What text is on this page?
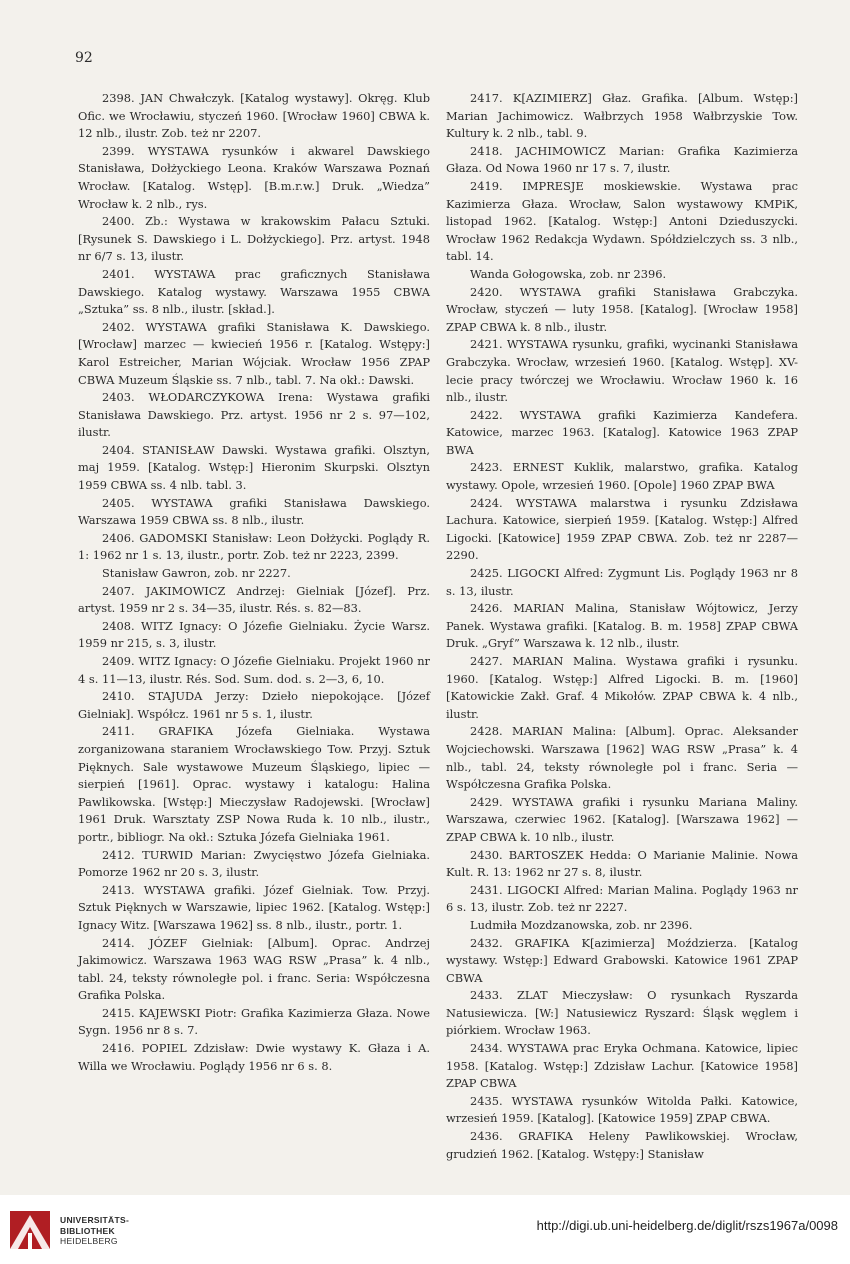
92

2398. JAN Chwałczyk. [Katalog wystawy]. Okręg. Klub Ofic. we Wrocławiu, styczeń 1960. [Wrocław 1960] CBWA k. 12 nlb., ilustr. Zob. też nr 2207.

2399. WYSTAWA rysunków i akwarel Dawskiego Stanisława, Dołżyckiego Leona. Kraków Warszawa Poznań Wrocław. [Katalog. Wstęp]. [B.m.r.w.] Druk. „Wiedza” Wrocław k. 2 nlb., rys.

2400. Zb.: Wystawa w krakowskim Pałacu Sztuki. [Rysunek S. Dawskiego i L. Dołżyckiego]. Prz. artyst. 1948 nr 6/7 s. 13, ilustr.

2401. WYSTAWA prac graficznych Stanisława Dawskiego. Katalog wystawy. Warszawa 1955 CBWA „Sztuka” ss. 8 nlb., ilustr. [skład.].

2402. WYSTAWA grafiki Stanisława K. Dawskiego. [Wrocław] marzec — kwiecień 1956 r. [Katalog. Wstępy:] Karol Estreicher, Marian Wójciak. Wrocław 1956 ZPAP CBWA Muzeum Śląskie ss. 7 nlb., tabl. 7. Na okł.: Dawski.

2403. WŁODARCZYKOWA Irena: Wystawa grafiki Stanisława Dawskiego. Prz. artyst. 1956 nr 2 s. 97—102, ilustr.

2404. STANISŁAW Dawski. Wystawa grafiki. Olsztyn, maj 1959. [Katalog. Wstęp:] Hieronim Skurpski. Olsztyn 1959 CBWA ss. 4 nlb. tabl. 3.

2405. WYSTAWA grafiki Stanisława Dawskiego. Warszawa 1959 CBWA ss. 8 nlb., ilustr.

2406. GADOMSKI Stanisław: Leon Dołżycki. Poglądy R. 1: 1962 nr 1 s. 13, ilustr., portr. Zob. też nr 2223, 2399.

Stanisław Gawron, zob. nr 2227.

2407. JAKIMOWICZ Andrzej: Gielniak [Józef]. Prz. artyst. 1959 nr 2 s. 34—35, ilustr. Rés. s. 82—83.

2408. WITZ Ignacy: O Józefie Gielniaku. Życie Warsz. 1959 nr 215, s. 3, ilustr.

2409. WITZ Ignacy: O Józefie Gielniaku. Projekt 1960 nr 4 s. 11—13, ilustr. Rés. Sod. Sum. dod. s. 2—3, 6, 10.

2410. STAJUDA Jerzy: Dzieło niepokojące. [Józef Gielniak]. Współcz. 1961 nr 5 s. 1, ilustr.

2411. GRAFIKA Józefa Gielniaka. Wystawa zorganizowana staraniem Wrocławskiego Tow. Przyj. Sztuk Pięknych. Sale wystawowe Muzeum Śląskiego, lipiec — sierpień [1961]. Oprac. wystawy i katalogu: Halina Pawlikowska. [Wstęp:] Mieczysław Radojewski. [Wrocław] 1961 Druk. Warsztaty ZSP Nowa Ruda k. 10 nlb., ilustr., portr., bibliogr. Na okł.: Sztuka Józefa Gielniaka 1961.

2412. TURWID Marian: Zwycięstwo Józefa Gielniaka. Pomorze 1962 nr 20 s. 3, ilustr.

2413. WYSTAWA grafiki. Józef Gielniak. Tow. Przyj. Sztuk Pięknych w Warszawie, lipiec 1962. [Katalog. Wstęp:] Ignacy Witz. [Warszawa 1962] ss. 8 nlb., ilustr., portr. 1.

2414. JÓZEF Gielniak: [Album]. Oprac. Andrzej Jakimowicz. Warszawa 1963 WAG RSW „Prasa” k. 4 nlb., tabl. 24, teksty równoległe pol. i franc. Seria: Współczesna Grafika Polska.

2415. KAJEWSKI Piotr: Grafika Kazimierza Głaza. Nowe Sygn. 1956 nr 8 s. 7.

2416. POPIEL Zdzisław: Dwie wystawy K. Głaza i A. Willa we Wrocławiu. Poglądy 1956 nr 6 s. 8.

2417. K[AZIMIERZ] Głaz. Grafika. [Album. Wstęp:] Marian Jachimowicz. Wałbrzych 1958 Wałbrzyskie Tow. Kultury k. 2 nlb., tabl. 9.

2418. JACHIMOWICZ Marian: Grafika Kazimierza Głaza. Od Nowa 1960 nr 17 s. 7, ilustr.

2419. IMPRESJE moskiewskie. Wystawa prac Kazimierza Głaza. Wrocław, Salon wystawowy KMPiK, listopad 1962. [Katalog. Wstęp:] Antoni Dzieduszycki. Wrocław 1962 Redakcja Wydawn. Spółdzielczych ss. 3 nlb., tabl. 14.

Wanda Gołogowska, zob. nr 2396.

2420. WYSTAWA grafiki Stanisława Grabczyka. Wrocław, styczeń — luty 1958. [Katalog]. [Wrocław 1958] ZPAP CBWA k. 8 nlb., ilustr.

2421. WYSTAWA rysunku, grafiki, wycinanki Stanisława Grabczyka. Wrocław, wrzesień 1960. [Katalog. Wstęp]. XV-lecie pracy twórczej we Wrocławiu. Wrocław 1960 k. 16 nlb., ilustr.

2422. WYSTAWA grafiki Kazimierza Kandefera. Katowice, marzec 1963. [Katalog]. Katowice 1963 ZPAP BWA

2423. ERNEST Kuklik, malarstwo, grafika. Katalog wystawy. Opole, wrzesień 1960. [Opole] 1960 ZPAP BWA

2424. WYSTAWA malarstwa i rysunku Zdzisława Lachura. Katowice, sierpień 1959. [Katalog. Wstęp:] Alfred Ligocki. [Katowice] 1959 ZPAP CBWA. Zob. też nr 2287—2290.

2425. LIGOCKI Alfred: Zygmunt Lis. Poglądy 1963 nr 8 s. 13, ilustr.

2426. MARIAN Malina, Stanisław Wójtowicz, Jerzy Panek. Wystawa grafiki. [Katalog. B. m. 1958] ZPAP CBWA Druk. „Gryf” Warszawa k. 12 nlb., ilustr.

2427. MARIAN Malina. Wystawa grafiki i rysunku. 1960. [Katalog. Wstęp:] Alfred Ligocki. B. m. [1960] [Katowickie Zakł. Graf. 4 Mikołów. ZPAP CBWA k. 4 nlb., ilustr.

2428. MARIAN Malina: [Album]. Oprac. Aleksander Wojciechowski. Warszawa [1962] WAG RSW „Prasa” k. 4 nlb., tabl. 24, teksty równoległe pol i franc. Seria — Współczesna Grafika Polska.

2429. WYSTAWA grafiki i rysunku Mariana Maliny. Warszawa, czerwiec 1962. [Katalog]. [Warszawa 1962] — ZPAP CBWA k. 10 nlb., ilustr.

2430. BARTOSZEK Hedda: O Marianie Malinie. Nowa Kult. R. 13: 1962 nr 27 s. 8, ilustr.

2431. LIGOCKI Alfred: Marian Malina. Poglądy 1963 nr 6 s. 13, ilustr. Zob. też nr 2227.

Ludmiła Mozdzanowska, zob. nr 2396.

2432. GRAFIKA K[azimierza] Moździerza. [Katalog wystawy. Wstęp:] Edward Grabowski. Katowice 1961 ZPAP CBWA

2433. ZLAT Mieczysław: O rysunkach Ryszarda Natusiewicza. [W:] Natusiewicz Ryszard: Śląsk węglem i piórkiem. Wrocław 1963.

2434. WYSTAWA prac Eryka Ochmana. Katowice, lipiec 1958. [Katalog. Wstęp:] Zdzisław Lachur. [Katowice 1958] ZPAP CBWA

2435. WYSTAWA rysunków Witolda Pałki. Katowice, wrzesień 1959. [Katalog]. [Katowice 1959] ZPAP CBWA.

2436. GRAFIKA Heleny Pawlikowskiej. Wrocław, grudzień 1962. [Katalog. Wstępy:] Stanisław

UNIVERSITÄTS-
BIBLIOTHEK
HEIDELBERG
http://digi.ub.uni-heidelberg.de/diglit/rszs1967a/0098
